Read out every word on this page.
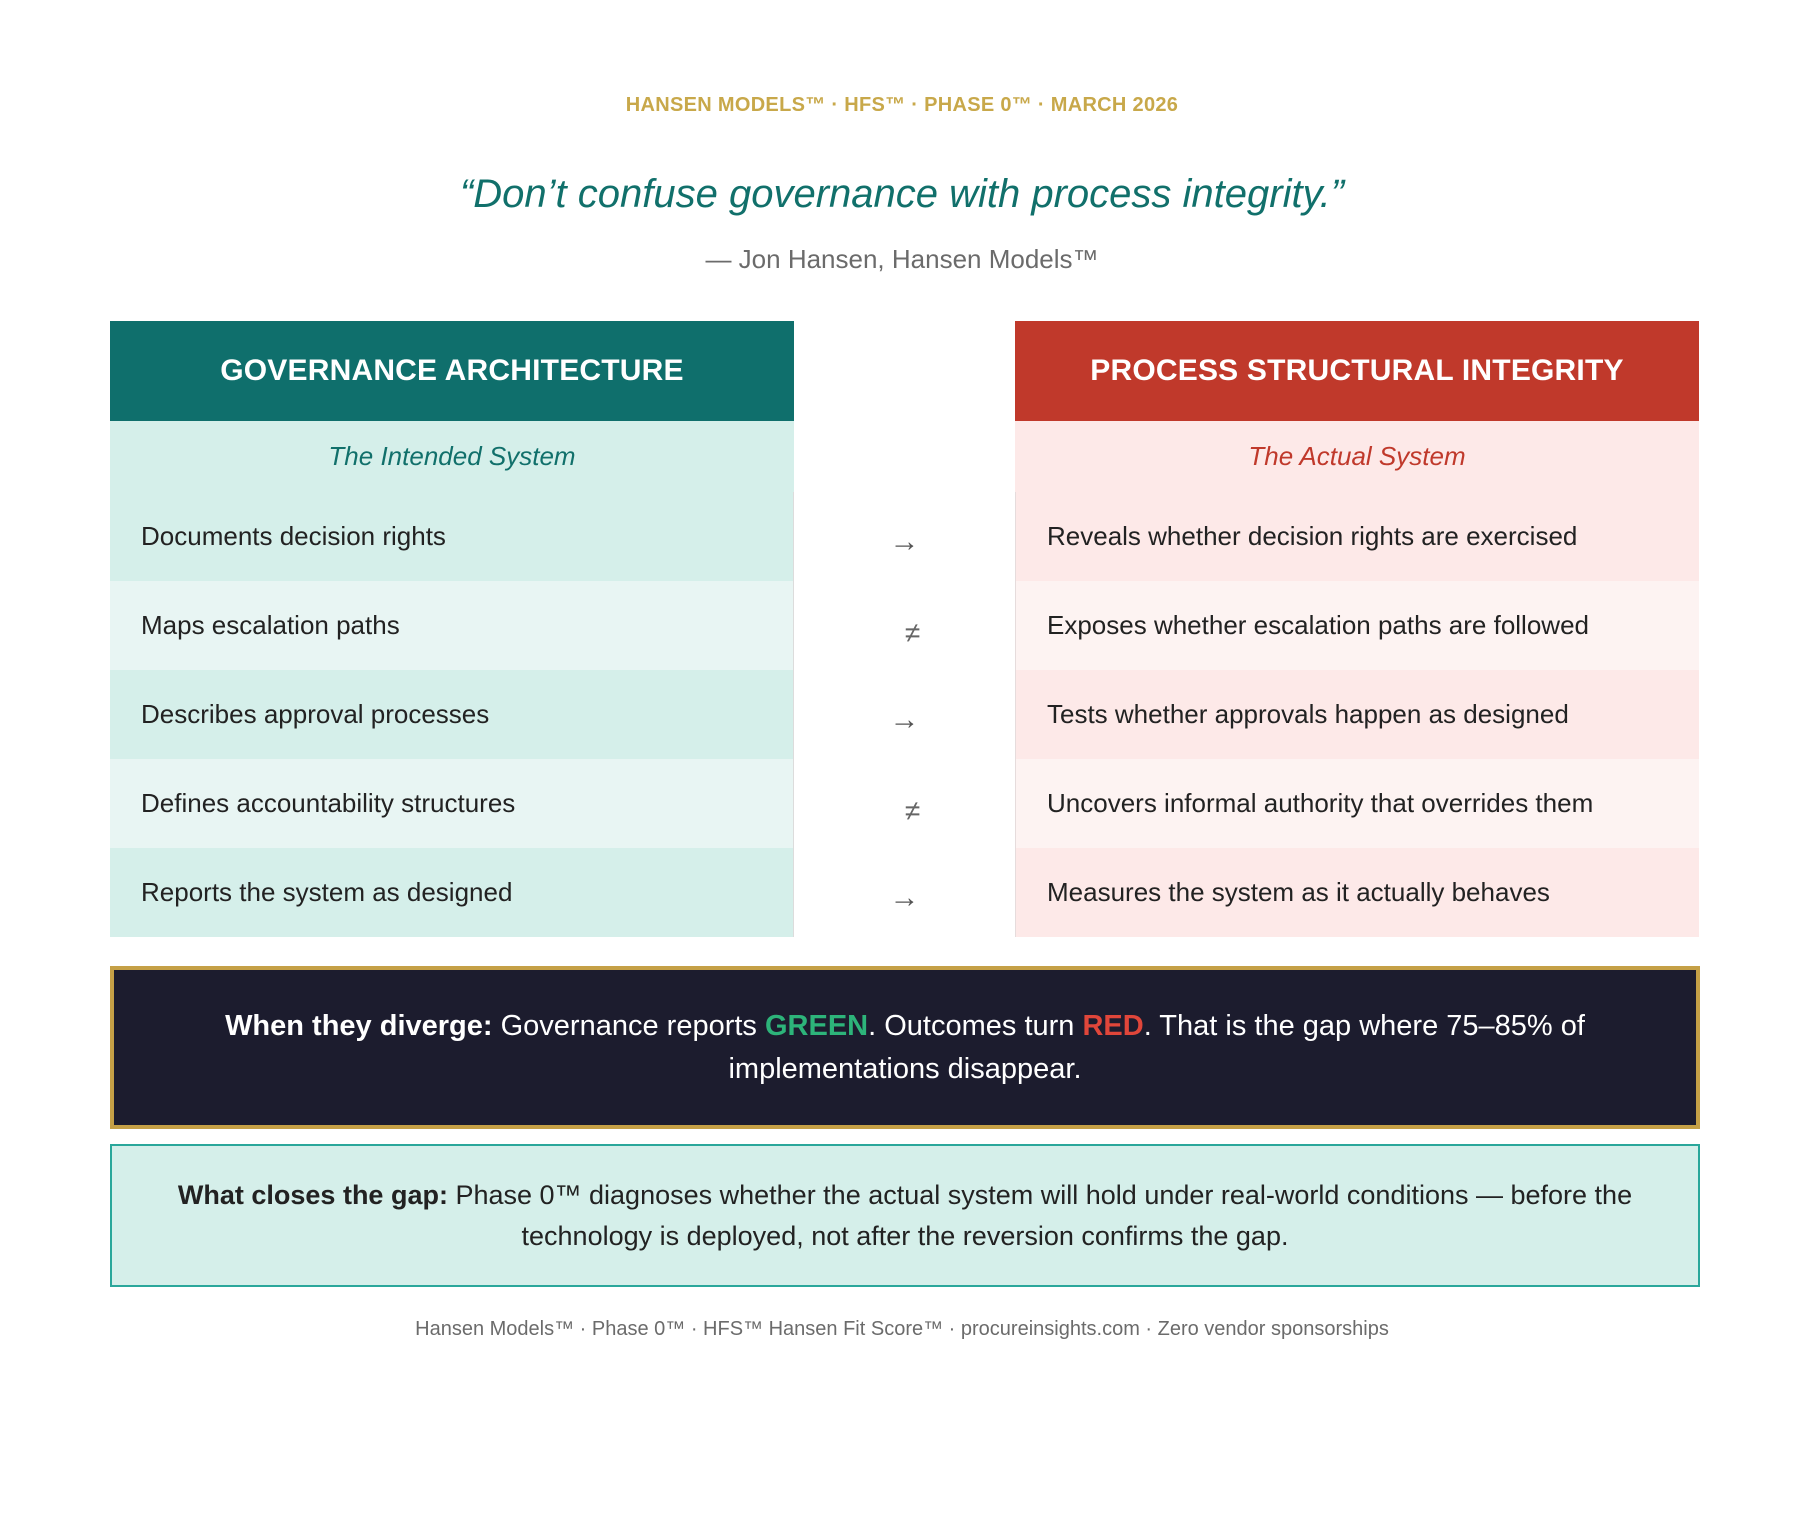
HANSEN MODELS™ · HFS™ · PHASE 0™ · MARCH 2026
“Don’t confuse governance with process integrity.”
— Jon Hansen, Hansen Models™
GOVERNANCE ARCHITECTURE
The Intended System
Documents decision rights
Maps escalation paths
Describes approval processes
Defines accountability structures
Reports the system as designed
→
≠
→
≠
→
PROCESS STRUCTURAL INTEGRITY
The Actual System
Reveals whether decision rights are exercised
Exposes whether escalation paths are followed
Tests whether approvals happen as designed
Uncovers informal authority that overrides them
Measures the system as it actually behaves
When they diverge: Governance reports GREEN. Outcomes turn RED. That is the gap where 75–85% of implementations disappear.
What closes the gap: Phase 0™ diagnoses whether the actual system will hold under real-world conditions — before the technology is deployed, not after the reversion confirms the gap.
Hansen Models™ · Phase 0™ · HFS™ Hansen Fit Score™ · procureinsights.com · Zero vendor sponsorships
